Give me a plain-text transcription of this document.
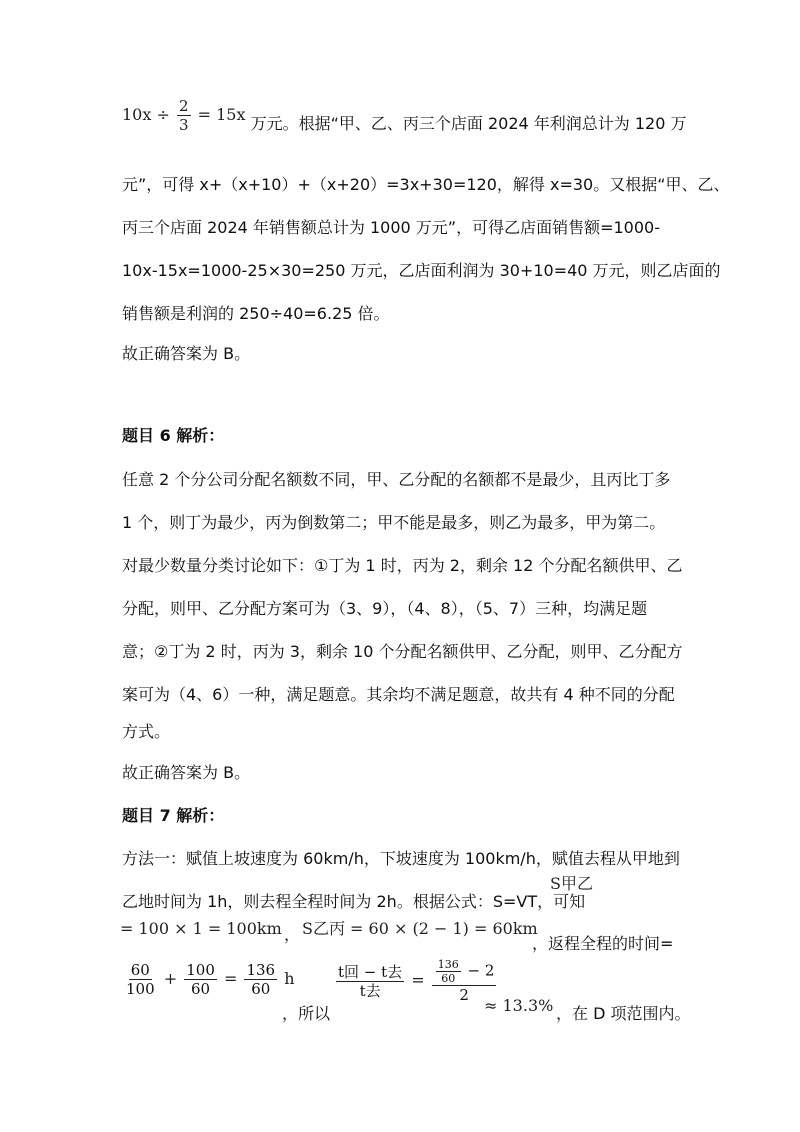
$10x \div \frac{2}{3} = 15x$ 万元。根据“甲、乙、丙三个店面 2024 年利润总计为 120 万
元”，可得 x+（x+10）+（x+20）=3x+30=120，解得 x=30。又根据“甲、乙、
丙三个店面 2024 年销售额总计为 1000 万元”，可得乙店面销售额=1000-
10x-15x=1000-25×30=250 万元，乙店面利润为 30+10=40 万元，则乙店面的
销售额是利润的 250÷40=6.25 倍。
故正确答案为 B。
题目 6 解析：
任意 2 个分公司分配名额数不同，甲、乙分配的名额都不是最少，且丙比丁多
1 个，则丁为最少，丙为倒数第二；甲不能是最多，则乙为最多，甲为第二。
对最少数量分类讨论如下：①丁为 1 时，丙为 2，剩余 12 个分配名额供甲、乙
分配，则甲、乙分配方案可为（3、9），（4、8），（5、7）三种，均满足题
意；②丁为 2 时，丙为 3，剩余 10 个分配名额供甲、乙分配，则甲、乙分配方
案可为（4、6）一种，满足题意。其余均不满足题意，故共有 4 种不同的分配
方式。
故正确答案为 B。
题目 7 解析：
方法一：赋值上坡速度为 60km/h，下坡速度为 100km/h，赋值去程从甲地到
乙地时间为 1h，则去程全程时间为 2h。根据公式：S=VT，可知
S甲乙
= 100 × 1 = 100km ， S乙丙 = 60 × (2 − 1) = 60km
，返程全程的时间=
$\frac{60}{100} + \frac{100}{60} = \frac{136}{60}$ h
，所以
$\frac{\text{t回 − t去}}{\text{t去}} = \frac{\frac{136}{60} - 2}{2}$
≈ 13.3% ，在 D 项范围内。
